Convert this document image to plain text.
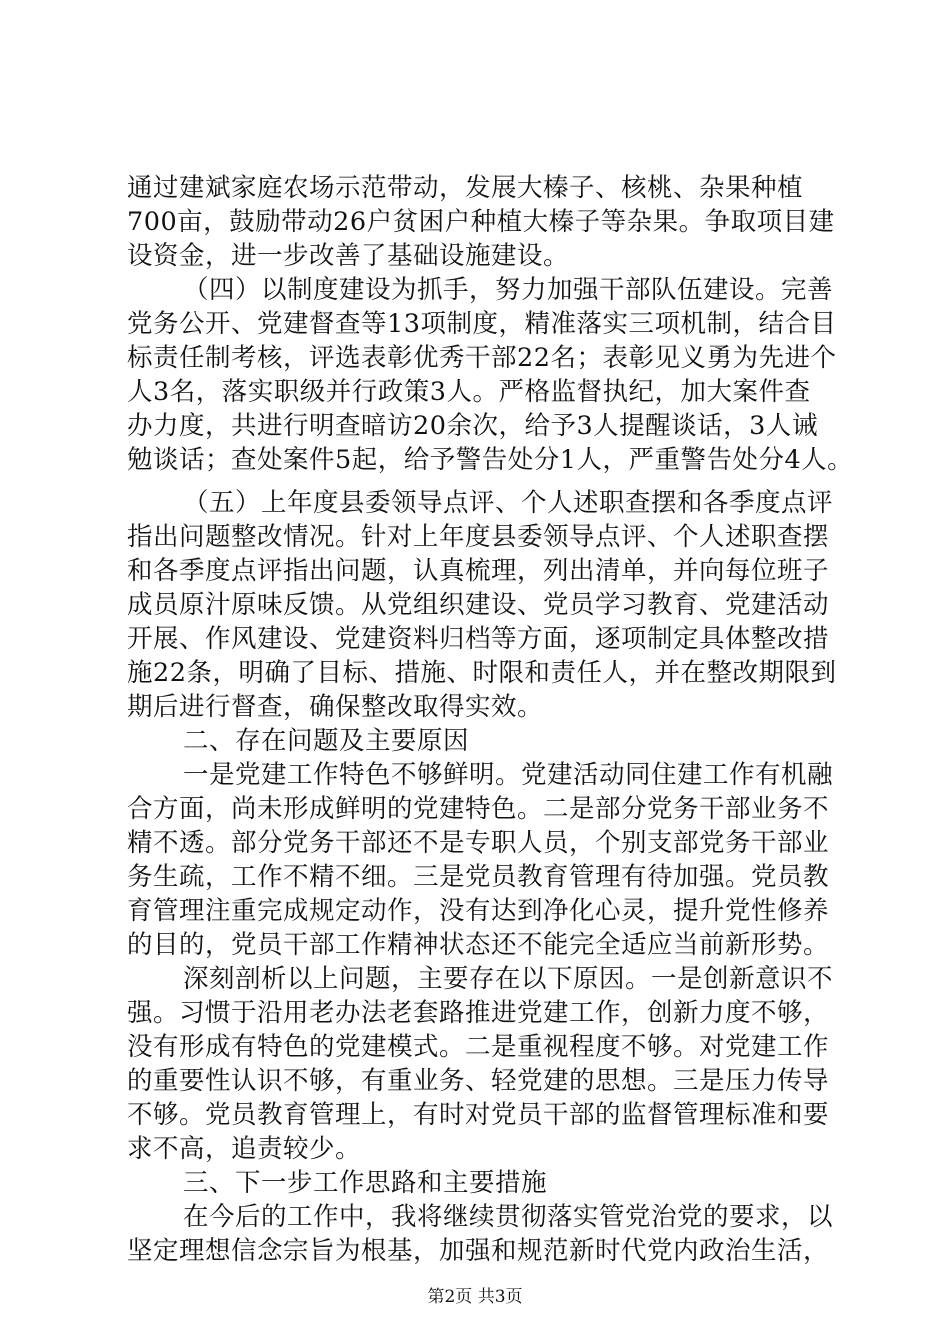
通过建斌家庭农场示范带动，发展大榛子、核桃、杂果种植
700亩，鼓励带动26户贫困户种植大榛子等杂果。争取项目建
设资金，进一步改善了基础设施建设。
（四）以制度建设为抓手，努力加强干部队伍建设。完善
党务公开、党建督查等13项制度，精准落实三项机制，结合目
标责任制考核，评选表彰优秀干部22名；表彰见义勇为先进个
人3名，落实职级并行政策3人。严格监督执纪，加大案件查
办力度，共进行明查暗访20余次，给予3人提醒谈话，3人诫
勉谈话；查处案件5起，给予警告处分1人，严重警告处分4人。
（五）上年度县委领导点评、个人述职查摆和各季度点评
指出问题整改情况。针对上年度县委领导点评、个人述职查摆
和各季度点评指出问题，认真梳理，列出清单，并向每位班子
成员原汁原味反馈。从党组织建设、党员学习教育、党建活动
开展、作风建设、党建资料归档等方面，逐项制定具体整改措
施22条，明确了目标、措施、时限和责任人，并在整改期限到
期后进行督查，确保整改取得实效。
二、存在问题及主要原因
一是党建工作特色不够鲜明。党建活动同住建工作有机融
合方面，尚未形成鲜明的党建特色。二是部分党务干部业务不
精不透。部分党务干部还不是专职人员，个别支部党务干部业
务生疏，工作不精不细。三是党员教育管理有待加强。党员教
育管理注重完成规定动作，没有达到净化心灵，提升党性修养
的目的，党员干部工作精神状态还不能完全适应当前新形势。
深刻剖析以上问题，主要存在以下原因。一是创新意识不
强。习惯于沿用老办法老套路推进党建工作，创新力度不够，
没有形成有特色的党建模式。二是重视程度不够。对党建工作
的重要性认识不够，有重业务、轻党建的思想。三是压力传导
不够。党员教育管理上，有时对党员干部的监督管理标准和要
求不高，追责较少。
三、下一步工作思路和主要措施
在今后的工作中，我将继续贯彻落实管党治党的要求，以
坚定理想信念宗旨为根基，加强和规范新时代党内政治生活，
第2页 共3页
